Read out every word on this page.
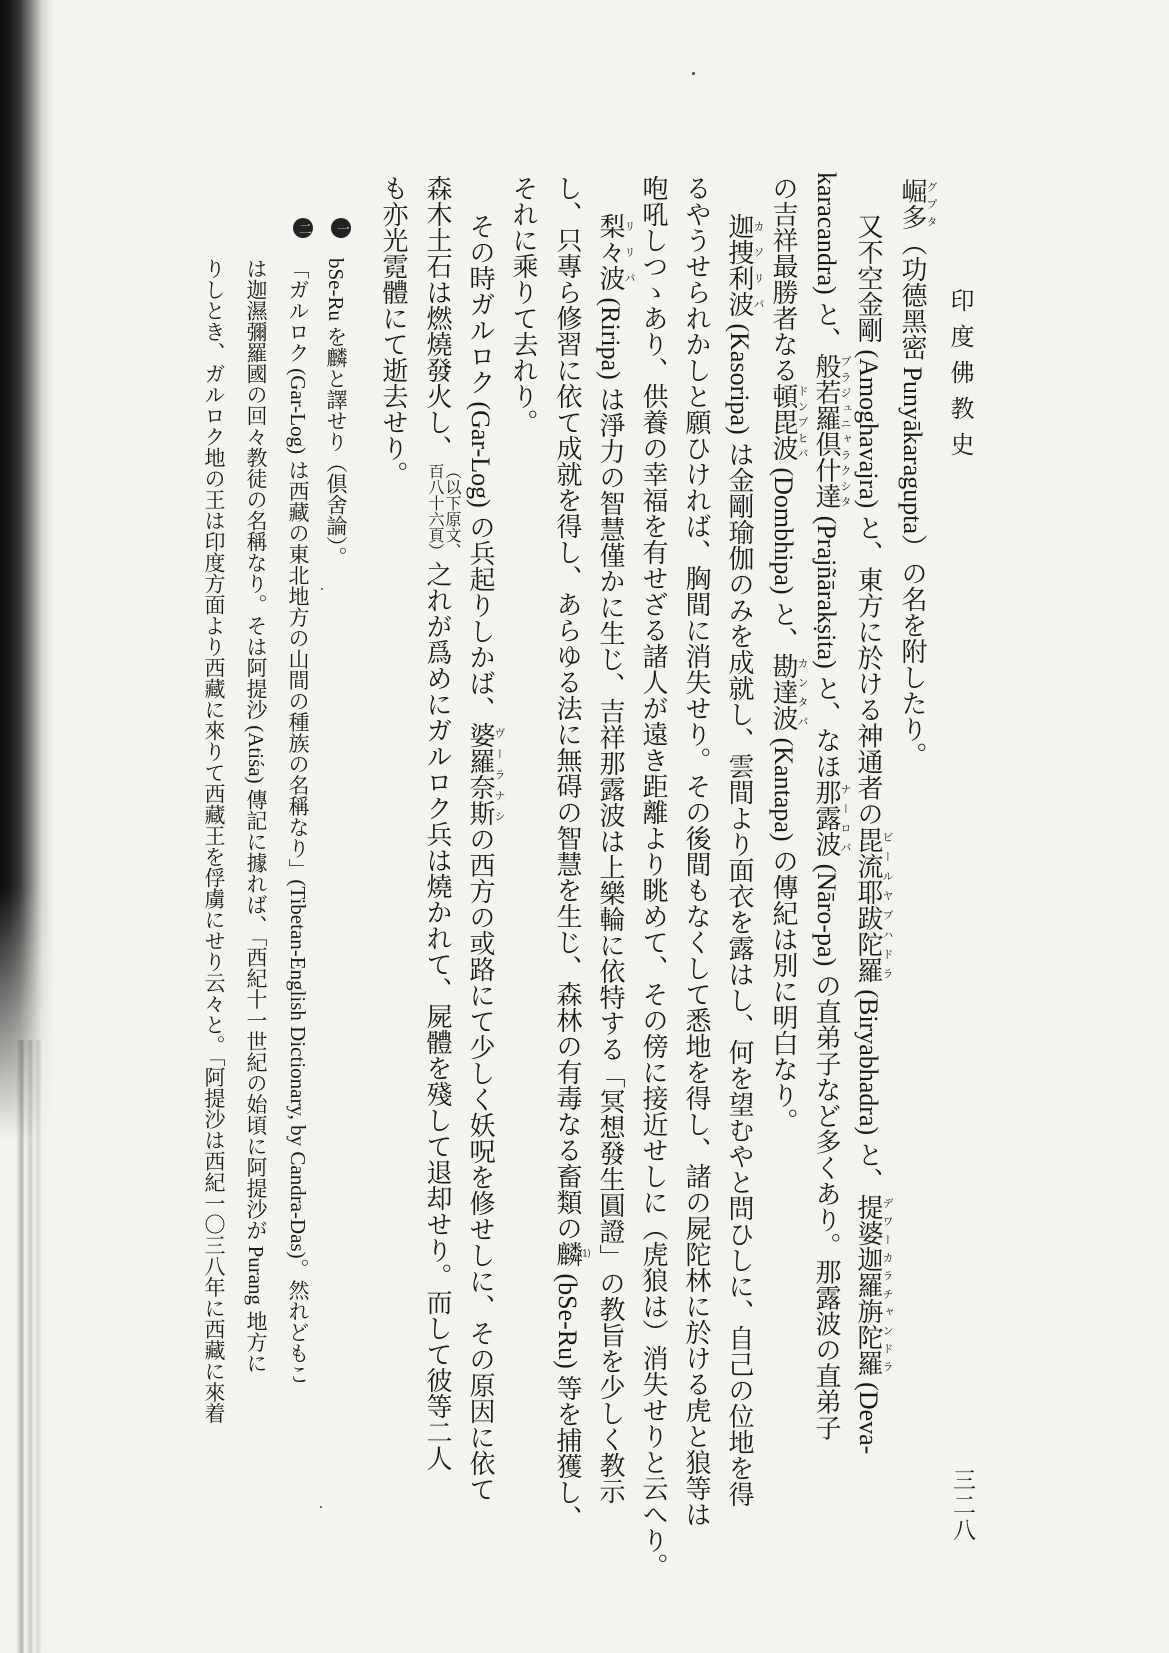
印度佛教史
三二八
崛多グプタ（功德黑密 Punyākaragupta）の名を附したり。
又不空金剛 (Amoghavajra) と、東方に於ける神通者の毘流耶跋陀羅ビールヤブハドラ (Biryabhadra) と、提婆迦羅旃陀羅デワーカラチャンドラ (Deva-
karacandra) と、般若羅倶什達プラジュニャラクシタ (Prajñārakṣita) と、なほ那露波ナーロパ (Nāro-pa) の直弟子など多くあり。那露波の直弟子
の吉祥最勝者なる頓毘波ドンブヒパ (Dombhipa) と、勘達波カンタパ (Kantapa) の傳紀は別に明白なり。
迦捜利波カソリパ (Kasoripa) は金剛瑜伽のみを成就し、雲間より面衣を露はし、何を望むやと問ひしに、自己の位地を得
るやうせられかしと願ひければ、胸間に消失せり。その後間もなくして悉地を得し、諸の屍陀林に於ける虎と狼等は
咆吼しつゝあり、供養の幸福を有せざる諸人が遠き距離より眺めて、その傍に接近せしに（虎狼は）消失せりと云へり。
梨々波リリパ (Riripa) は淨力の智慧僅かに生じ、吉祥那露波は上樂輪に依特する「冥想發生圓證」の教旨を少しく教示
し、只專ら修習に依て成就を得し、あらゆる法に無碍の智慧を生じ、森林の有毒なる畜類の麟(1) (bSe-Ru) 等を捕獲し、
それに乘りて去れり。
その時ガルロク (Gar-Log) の兵起りしかば、婆羅奈斯ヴーラナシの西方の或路にて少しく妖呪を修せしに、その原因に依て
森木土石は燃燒發火し、（以下原文、
百八十六頁）之れが爲めにガルロク兵は燒かれて、屍體を殘して退却せり。而して彼等二人
も亦光霓體にて逝去せり。
一bSe-Ru を麟と譯せり（倶舍論）。
二「ガルロク (Gar-Log) は西藏の東北地方の山間の種族の名稱なり」(Tibetan-English Dictionary, by Candra-Das)。然れどもこ
は迦濕彌羅國の回々教徒の名稱なり。そは阿提沙 (Atiśa) 傳記に據れば、「西紀十一世紀の始頃に阿提沙が Purang 地方に
りしとき、ガルロク地の王は印度方面より西藏に來りて西藏王を俘虜にせり云々と。「阿提沙は西紀一〇三八年に西藏に來着
